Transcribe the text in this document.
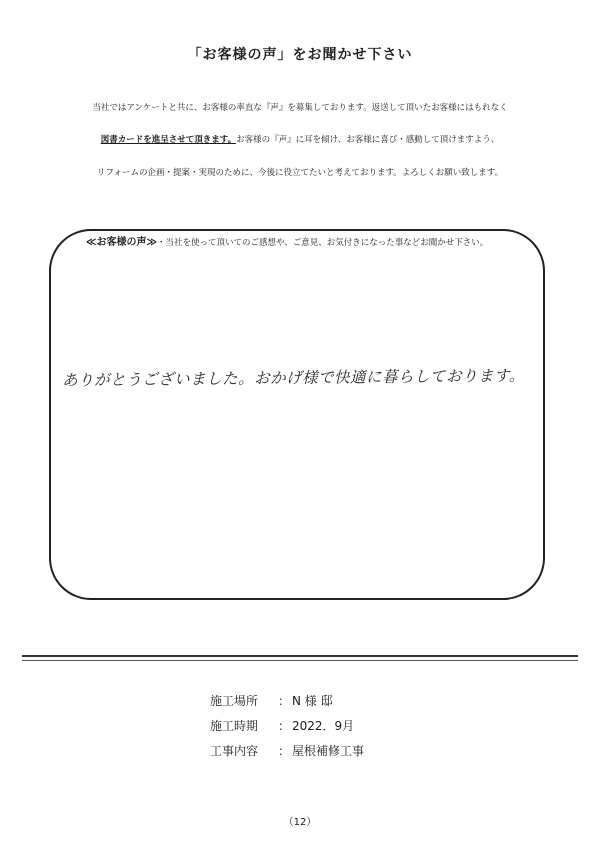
「お客様の声」をお聞かせ下さい
当社ではアンケートと共に、お客様の率直な『声』を募集しております。返送して頂いたお客様にはもれなく
図書カードを進呈させて頂きます。お客様の『声』に耳を傾け、お客様に喜び・感動して頂けますよう、
リフォームの企画・提案・実現のために、今後に役立てたいと考えております。よろしくお願い致します。
≪お客様の声≫・当社を使って頂いてのご感想や、ご意見、お気付きになった事などお聞かせ下さい。
ありがとうございました。おかげ様で快適に暮らしております。
施工場所 ： N 様 邸
施工時期 ： 2022．9月
工事内容 ： 屋根補修工事
（12）
